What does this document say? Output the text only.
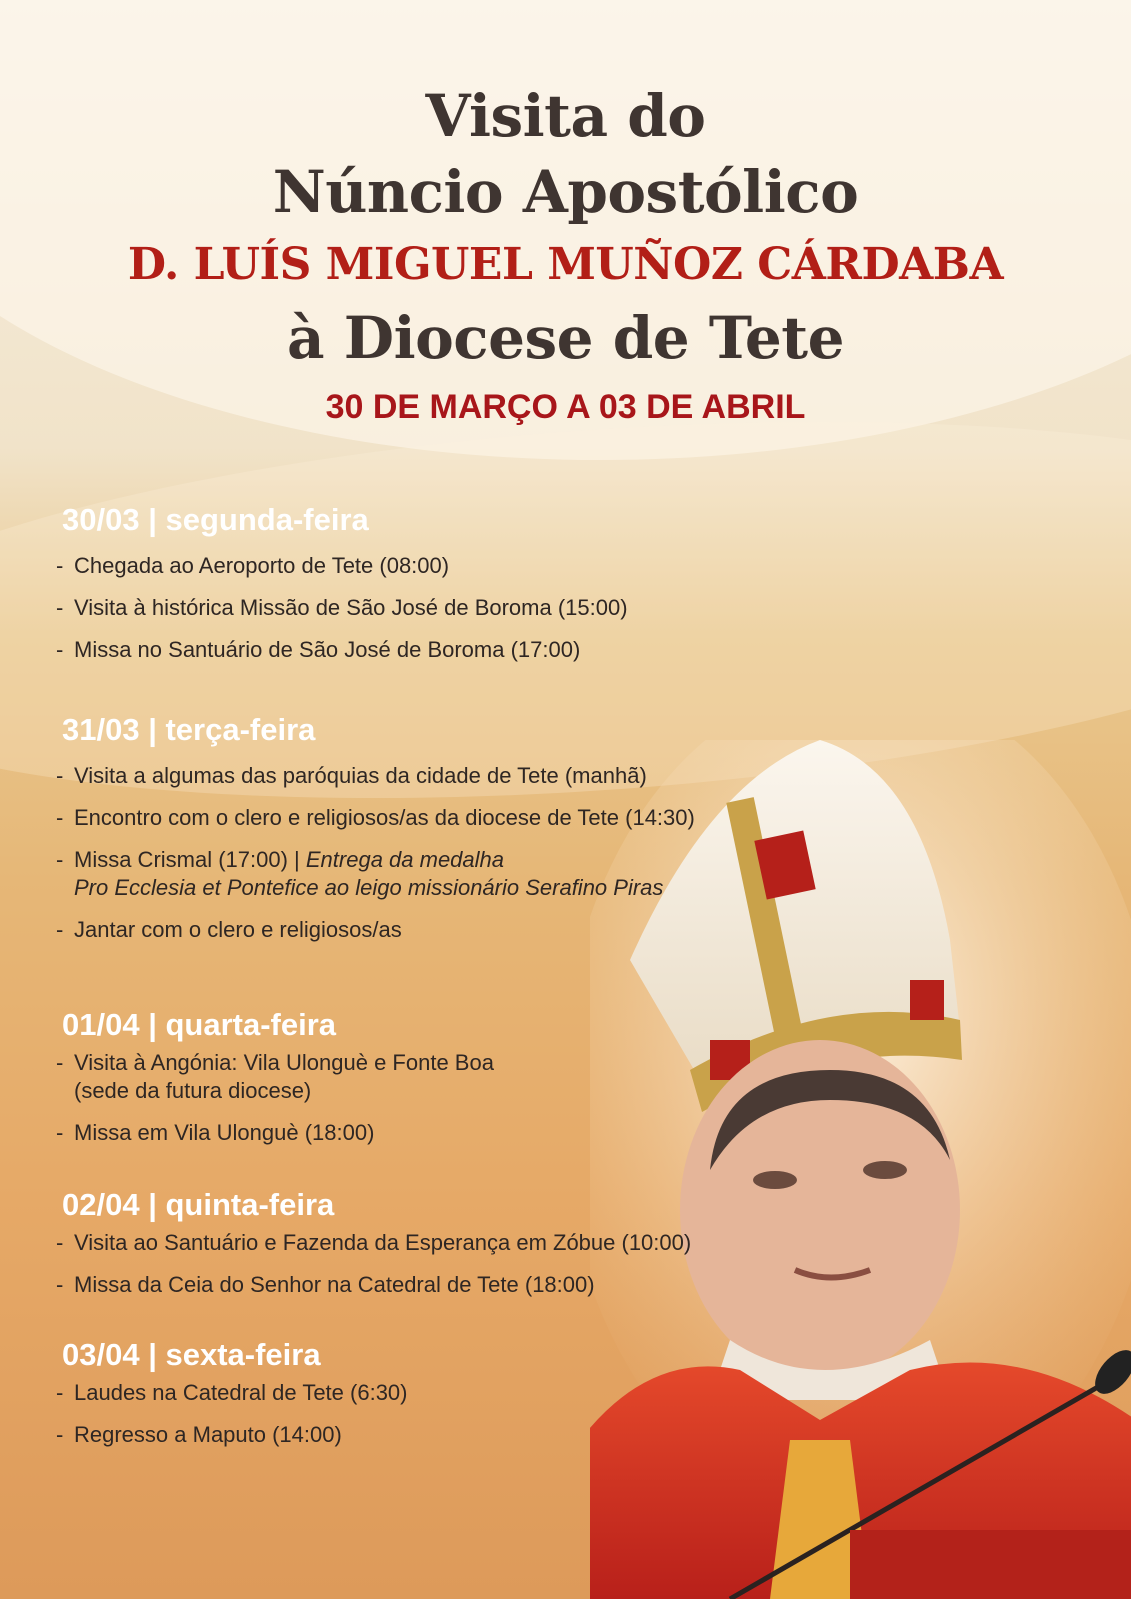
Visita do
Núncio Apostólico
D. LUÍS MIGUEL MUÑOZ CÁRDABA
à Diocese de Tete
30 DE MARÇO A 03 DE ABRIL
30/03 | segunda-feira
- Chegada ao Aeroporto de Tete (08:00)
- Visita à histórica Missão de São José de Boroma (15:00)
- Missa no Santuário de São José de Boroma (17:00)
31/03 | terça-feira
- Visita a algumas das paróquias da cidade de Tete (manhã)
- Encontro com o clero e religiosos/as da diocese de Tete (14:30)
- Missa Crismal (17:00) | Entrega da medalha
Pro Ecclesia et Pontefice ao leigo missionário Serafino Piras
- Jantar com o clero e religiosos/as
01/04 | quarta-feira
- Visita à Angónia: Vila Ulonguè e Fonte Boa
(sede da futura diocese)
- Missa em Vila Ulonguè (18:00)
02/04 | quinta-feira
- Visita ao Santuário e Fazenda da Esperança em Zóbue (10:00)
- Missa da Ceia do Senhor na Catedral de Tete (18:00)
03/04 | sexta-feira
- Laudes na Catedral de Tete (6:30)
- Regresso a Maputo (14:00)
